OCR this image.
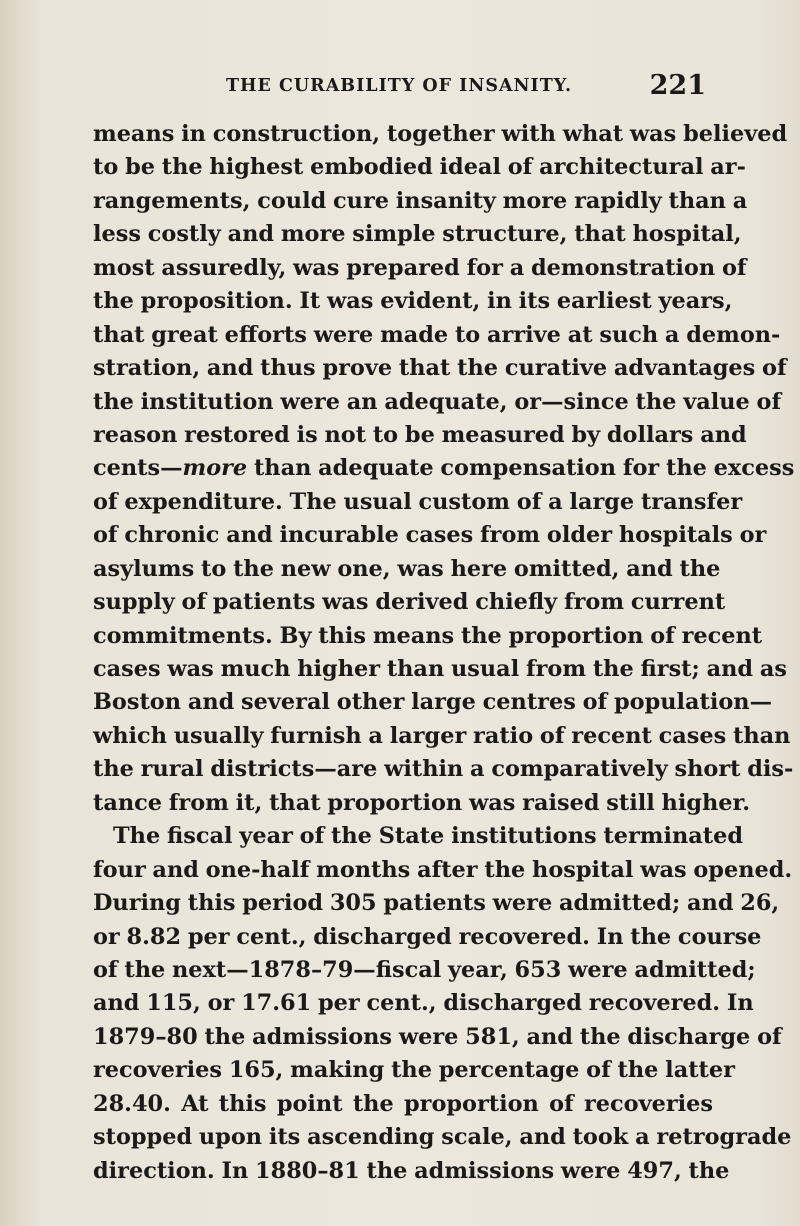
THE CURABILITY OF INSANITY.	221
means in construction, together with what was believed
to be the highest embodied ideal of architectural ar-
rangements, could cure insanity more rapidly than a
less costly and more simple structure, that hospital,
most assuredly, was prepared for a demonstration of
the proposition. It was evident, in its earliest years,
that great efforts were made to arrive at such a demon-
stration, and thus prove that the curative advantages of
the institution were an adequate, or—since the value of
reason restored is not to be measured by dollars and
cents—more than adequate compensation for the excess
of expenditure. The usual custom of a large transfer
of chronic and incurable cases from older hospitals or
asylums to the new one, was here omitted, and the
supply of patients was derived chiefly from current
commitments. By this means the proportion of recent
cases was much higher than usual from the first; and as
Boston and several other large centres of population—
which usually furnish a larger ratio of recent cases than
the rural districts—are within a comparatively short dis-
tance from it, that proportion was raised still higher.
The fiscal year of the State institutions terminated
four and one-half months after the hospital was opened.
During this period 305 patients were admitted; and 26,
or 8.82 per cent., discharged recovered. In the course
of the next—1878–79—fiscal year, 653 were admitted;
and 115, or 17.61 per cent., discharged recovered. In
1879–80 the admissions were 581, and the discharge of
recoveries 165, making the percentage of the latter
28.40. At this point the proportion of recoveries
stopped upon its ascending scale, and took a retrograde
direction. In 1880–81 the admissions were 497, the
